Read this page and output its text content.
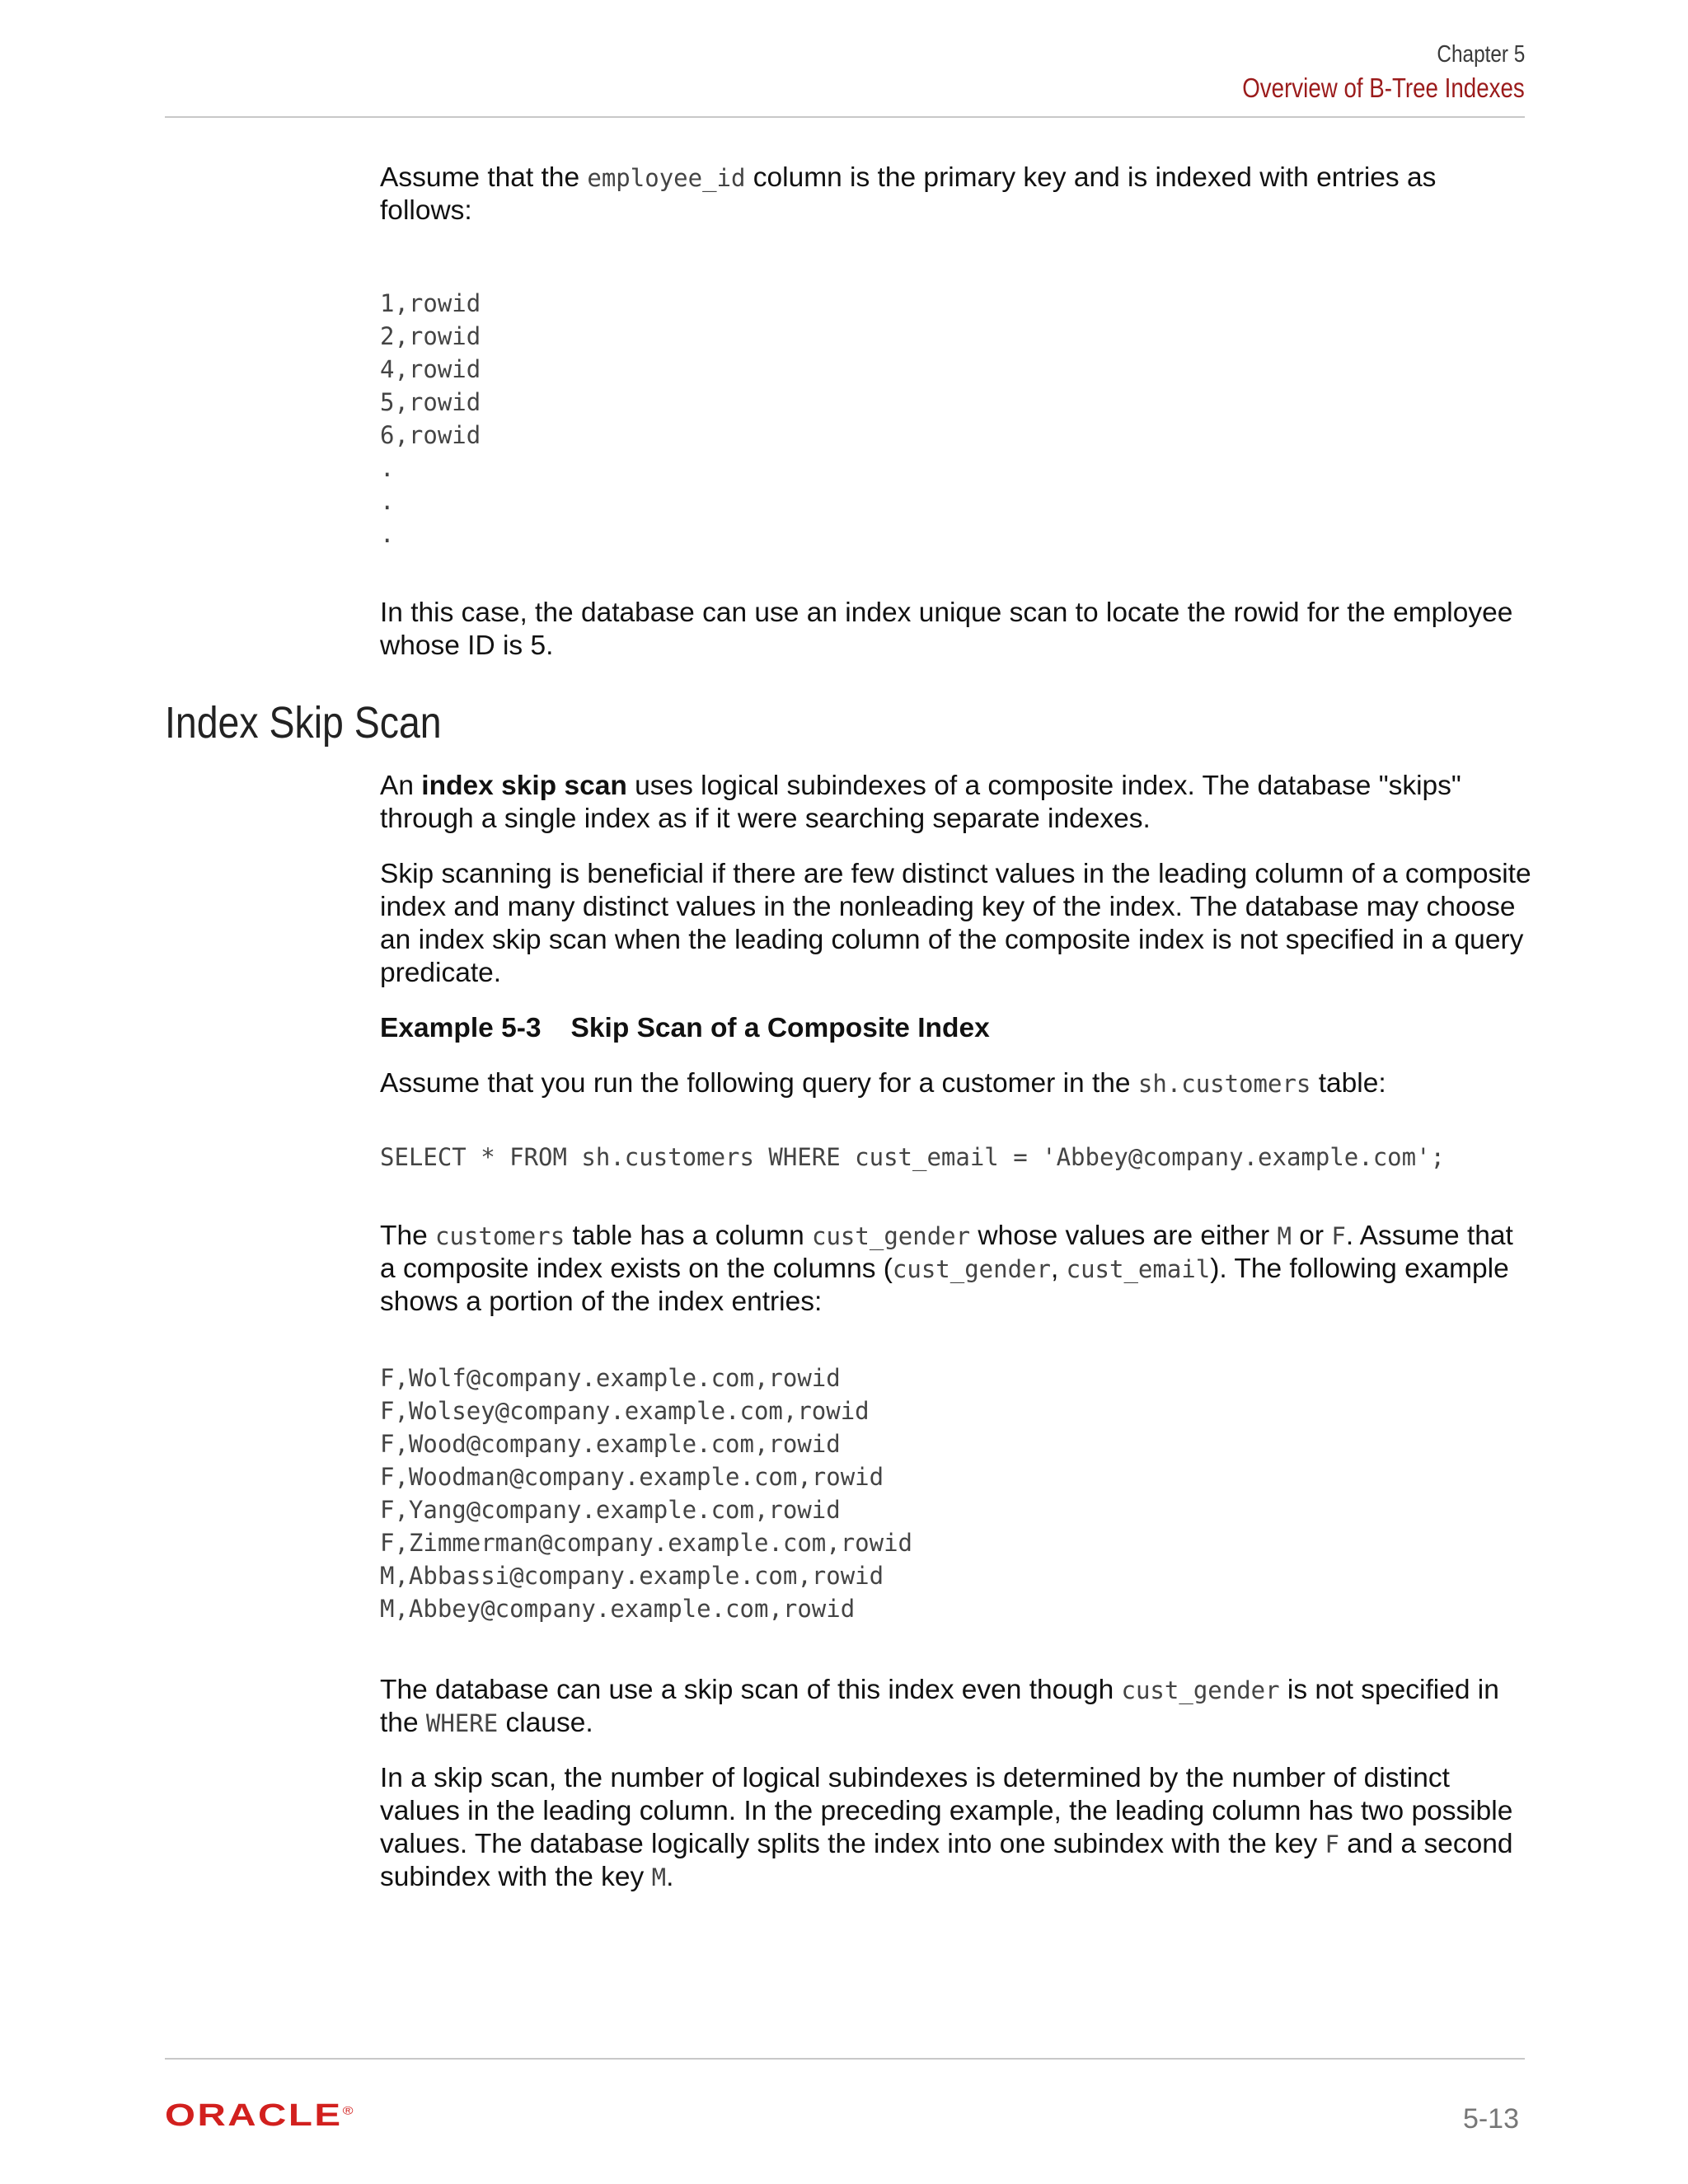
Chapter 5
Overview of B-Tree Indexes

Assume that the employee_id column is the primary key and is indexed with entries as follows:

1,rowid
2,rowid
4,rowid
5,rowid
6,rowid
.
.
.

In this case, the database can use an index unique scan to locate the rowid for the employee whose ID is 5.

Index Skip Scan

An index skip scan uses logical subindexes of a composite index. The database "skips" through a single index as if it were searching separate indexes.

Skip scanning is beneficial if there are few distinct values in the leading column of a composite index and many distinct values in the nonleading key of the index. The database may choose an index skip scan when the leading column of the composite index is not specified in a query predicate.

Example 5-3 Skip Scan of a Composite Index

Assume that you run the following query for a customer in the sh.customers table:

SELECT * FROM sh.customers WHERE cust_email = 'Abbey@company.example.com';

The customers table has a column cust_gender whose values are either M or F. Assume that a composite index exists on the columns (cust_gender, cust_email). The following example shows a portion of the index entries:

F,Wolf@company.example.com,rowid
F,Wolsey@company.example.com,rowid
F,Wood@company.example.com,rowid
F,Woodman@company.example.com,rowid
F,Yang@company.example.com,rowid
F,Zimmerman@company.example.com,rowid
M,Abbassi@company.example.com,rowid
M,Abbey@company.example.com,rowid

The database can use a skip scan of this index even though cust_gender is not specified in the WHERE clause.

In a skip scan, the number of logical subindexes is determined by the number of distinct values in the leading column. In the preceding example, the leading column has two possible values. The database logically splits the index into one subindex with the key F and a second subindex with the key M.

ORACLE®	5-13
